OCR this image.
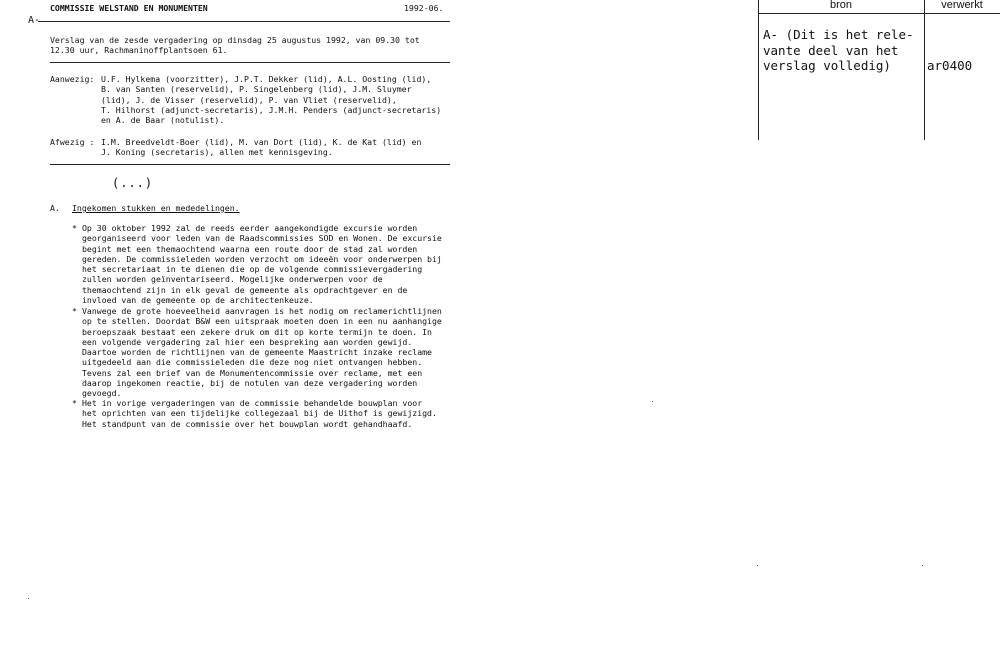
COMMISSIE WELSTAND EN MONUMENTEN	1992-06.
A-
Verslag van de zesde vergadering op dinsdag 25 augustus 1992, van 09.30 tot
12.30 uur, Rachmaninoffplantsoen 61.
Aanwezig: U.F. Hylkema (voorzitter), J.P.T. Dekker (lid), A.L. Oosting (lid),
B. van Santen (reservelid), P. Singelenberg (lid), J.M. Sluymer
(lid), J. de Visser (reservelid), P. van Vliet (reservelid),
T. Hilhorst (adjunct-secretaris), J.M.H. Penders (adjunct-secretaris)
en A. de Baar (notulist).
Afwezig : I.M. Breedveldt-Boer (lid), M. van Dort (lid), K. de Kat (lid) en
J. Koning (secretaris), allen met kennisgeving.
(...)
A. Ingekomen stukken en mededelingen.
* Op 30 oktober 1992 zal de reeds eerder aangekondigde excursie worden
georganiseerd voor leden van de Raadscommissies SOD en Wonen. De excursie
begint met een themaochtend waarna een route door de stad zal worden
gereden. De commissieleden worden verzocht om ideeën voor onderwerpen bij
het secretariaat in te dienen die op de volgende commissievergadering
zullen worden geïnventariseerd. Mogelijke onderwerpen voor de
themaochtend zijn in elk geval de gemeente als opdrachtgever en de
invloed van de gemeente op de architectenkeuze.
* Vanwege de grote hoeveelheid aanvragen is het nodig om reclamerichtlijnen
op te stellen. Doordat B&W een uitspraak moeten doen in een nu aanhangige
beroepszaak bestaat een zekere druk om dit op korte termijn te doen. In
een volgende vergadering zal hier een bespreking aan worden gewijd.
Daartoe worden de richtlijnen van de gemeente Maastricht inzake reclame
uitgedeeld aan die commissieleden die deze nog niet ontvangen hebben.
Tevens zal een brief van de Monumentencommissie over reclame, met een
daarop ingekomen reactie, bij de notulen van deze vergadering worden
gevoegd.
* Het in vorige vergaderingen van de commissie behandelde bouwplan voor
het oprichten van een tijdelijke collegezaal bij de Uithof is gewijzigd.
Het standpunt van de commissie over het bouwplan wordt gehandhaafd.
bron	verwerkt
A- (Dit is het rele-
vante deel van het
verslag volledig)	ar0400
